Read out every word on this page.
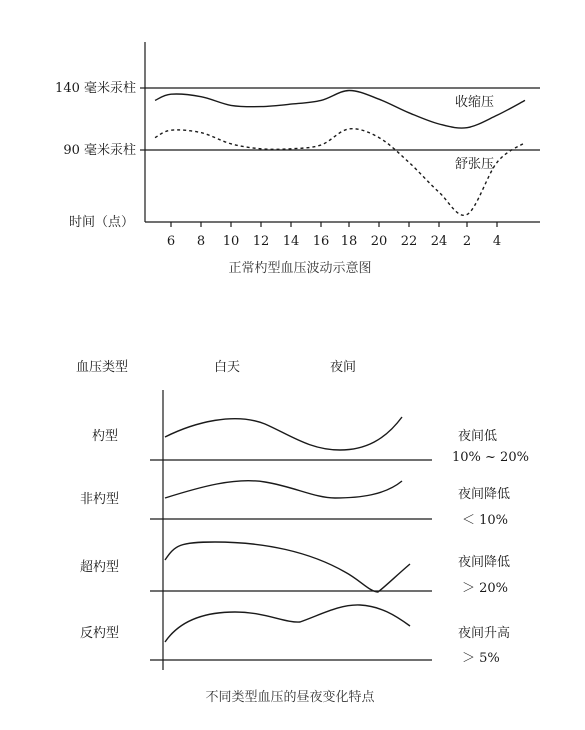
140 毫米汞柱
90 毫米汞柱
时间（点）
6 8 10 12 14 16 18 20 22 24 2 4
收缩压
舒张压
正常杓型血压波动示意图
血压类型	白天	夜间
杓型
非杓型
超杓型
反杓型
夜间低
10% ~ 20%
夜间降低
＜ 10%
夜间降低
＞ 20%
夜间升高
＞ 5%
不同类型血压的昼夜变化特点
